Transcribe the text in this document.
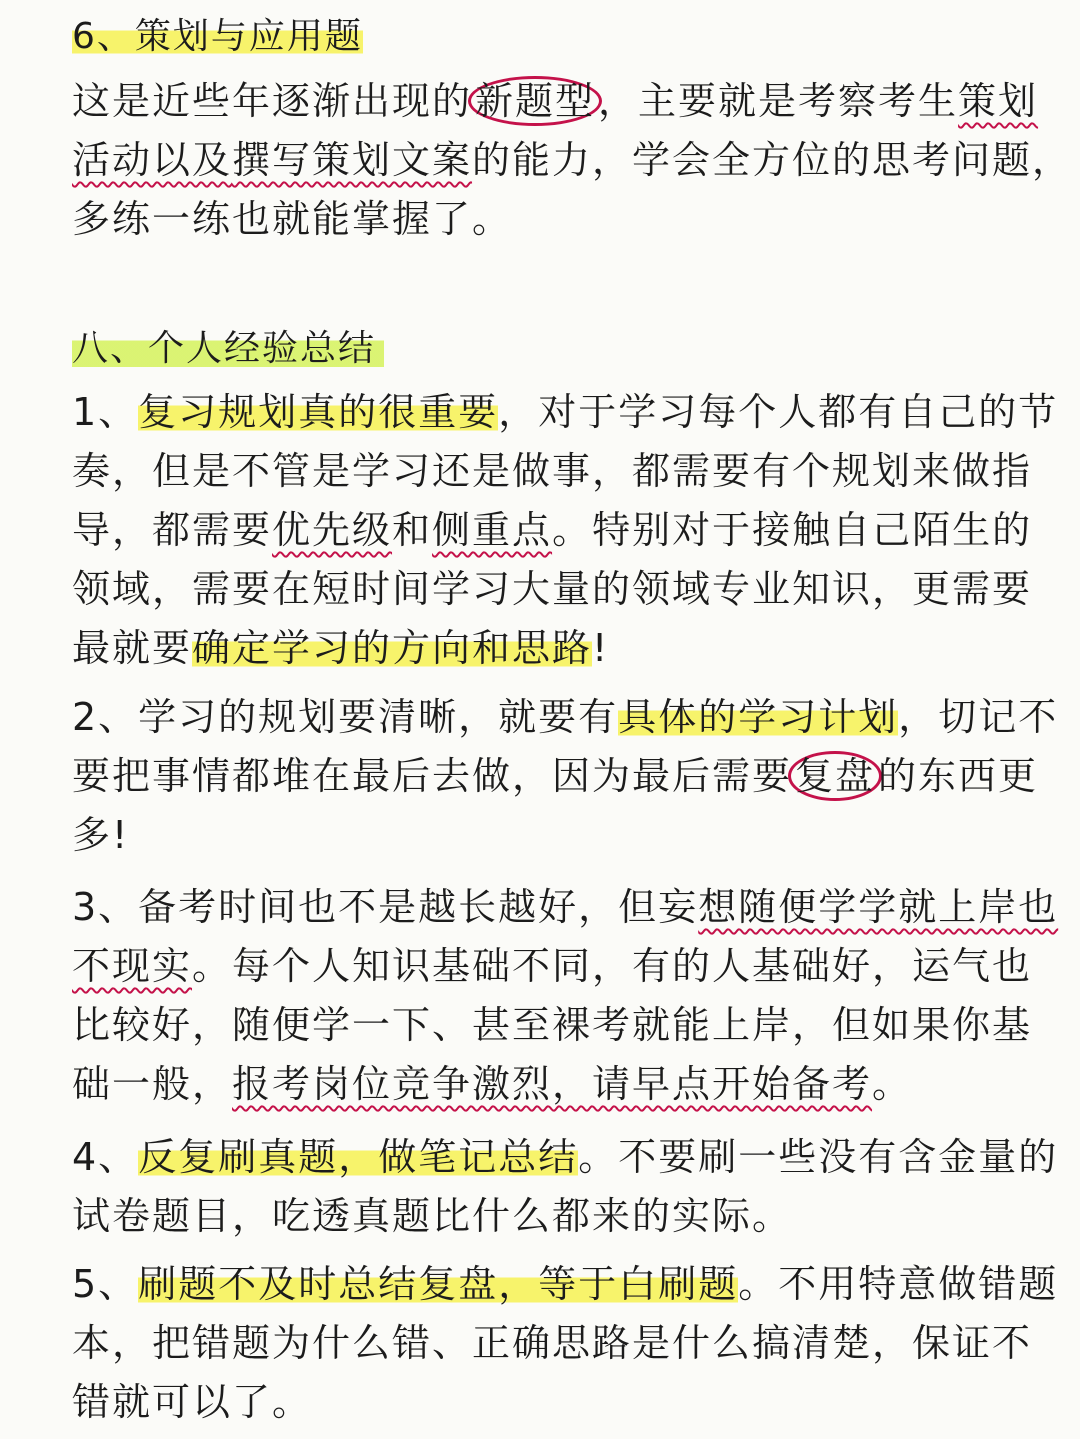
6、策划与应用题
这是近些年逐渐出现的新题型，主要就是考察考生策划
活动以及撰写策划文案的能力，学会全方位的思考问题，
多练一练也就能掌握了。
八、个人经验总结
1、复习规划真的很重要，对于学习每个人都有自己的节
奏，但是不管是学习还是做事，都需要有个规划来做指
导，都需要优先级和侧重点。特别对于接触自己陌生的
领域，需要在短时间学习大量的领域专业知识，更需要
最就要确定学习的方向和思路!
2、学习的规划要清晰，就要有具体的学习计划，切记不
要把事情都堆在最后去做，因为最后需要复盘的东西更
多!
3、备考时间也不是越长越好，但妄想随便学学就上岸也
不现实。每个人知识基础不同，有的人基础好，运气也
比较好，随便学一下、甚至裸考就能上岸，但如果你基
础一般，报考岗位竞争激烈，请早点开始备考。
4、反复刷真题，做笔记总结。不要刷一些没有含金量的
试卷题目，吃透真题比什么都来的实际。
5、刷题不及时总结复盘，等于白刷题。不用特意做错题
本，把错题为什么错、正确思路是什么搞清楚，保证不
错就可以了。
